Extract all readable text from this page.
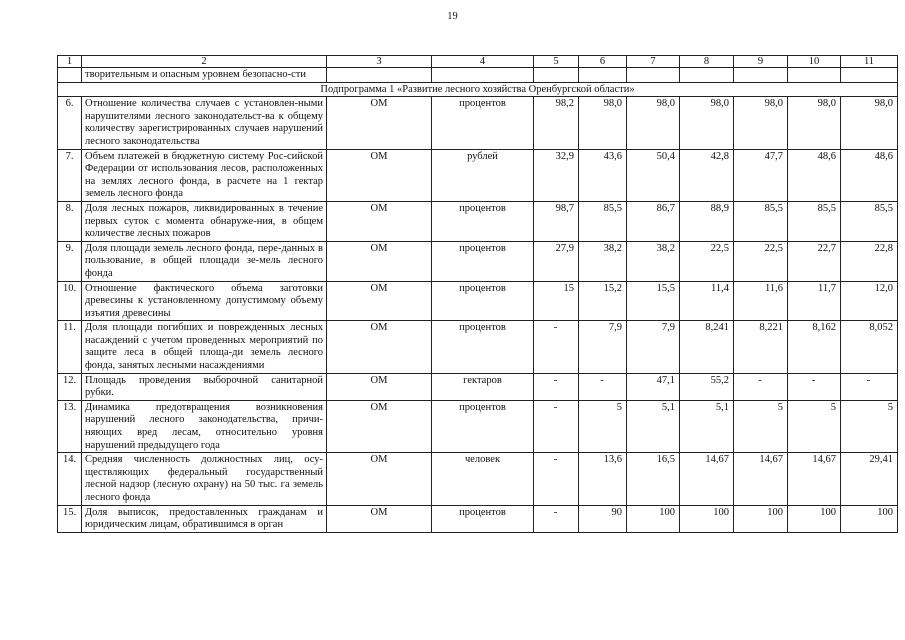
19
1	2	3	4	5	6	7	8	9	10	11
	творительным и опасным уровнем безопасно-сти									
Подпрограмма 1 «Развитие лесного хозяйства Оренбургской области»										
6.	Отношение количества случаев с установлен-ными нарушителями лесного законодательст-ва к общему количеству зарегистрированных случаев нарушений лесного законодательства	ОМ	процентов	98,2	98,0	98,0	98,0	98,0	98,0	98,0
7.	Объем платежей в бюджетную систему Рос-сийской Федерации от использования лесов, расположенных на землях лесного фонда, в расчете на 1 гектар земель лесного фонда	ОМ	рублей	32,9	43,6	50,4	42,8	47,7	48,6	48,6
8.	Доля лесных пожаров, ликвидированных в течение первых суток с момента обнаруже-ния, в общем количестве лесных пожаров	ОМ	процентов	98,7	85,5	86,7	88,9	85,5	85,5	85,5
9.	Доля площади земель лесного фонда, пере-данных в пользование, в общей площади зе-мель лесного фонда	ОМ	процентов	27,9	38,2	38,2	22,5	22,5	22,7	22,8
10.	Отношение фактического объема заготовки древесины к установленному допустимому объему изъятия древесины	ОМ	процентов	15	15,2	15,5	11,4	11,6	11,7	12,0
11.	Доля площади погибших и поврежденных лесных насаждений с учетом проведенных мероприятий по защите леса в общей площа-ди земель лесного фонда, занятых лесными насаждениями	ОМ	процентов	-	7,9	7,9	8,241	8,221	8,162	8,052
12.	Площадь проведения выборочной санитарной рубки.	ОМ	гектаров	-	-	47,1	55,2	-	-	-
13.	Динамика предотвращения возникновения нарушений лесного законодательства, причи-няющих вред лесам, относительно уровня нарушений предыдущего года	ОМ	процентов	-	5	5,1	5,1	5	5	5
14.	Средняя численность должностных лиц, осу-ществляющих федеральный государственный лесной надзор (лесную охрану) на 50 тыс. га земель лесного фонда	ОМ	человек	-	13,6	16,5	14,67	14,67	14,67	29,41
15.	Доля выписок, предоставленных гражданам и юридическим лицам, обратившимся в орган	ОМ	процентов	-	90	100	100	100	100	100
